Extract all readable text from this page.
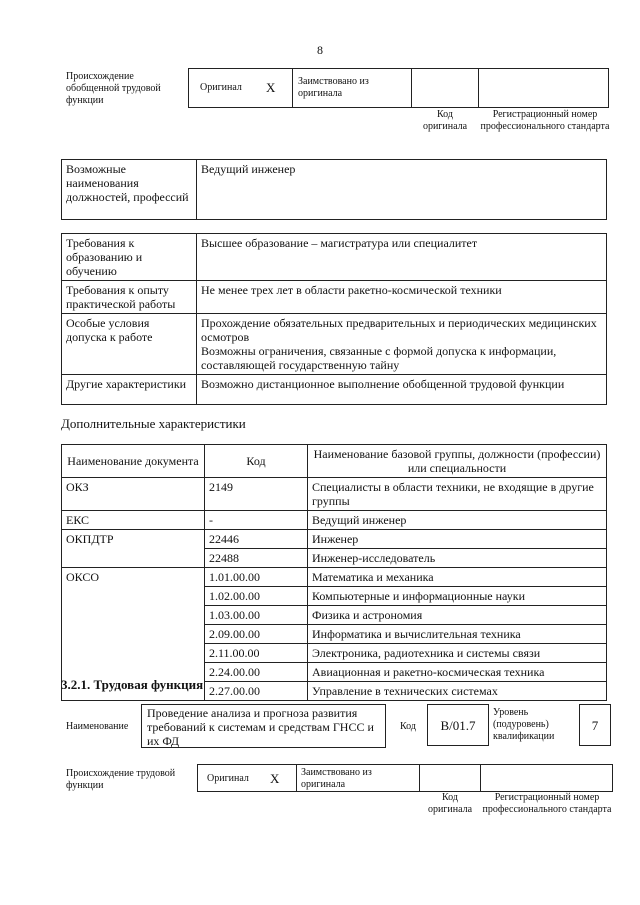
8
Происхождение обобщенной трудовой функции
Оригинал X Заимствовано из оригинала
Код оригинала
Регистрационный номер профессионального стандарта
Возможные наименования должностей, профессий	Ведущий инженер
Требования к образованию и обучению	Высшее образование – магистратура или специалитет
Требования к опыту практической работы	Не менее трех лет в области ракетно-космической техники
Особые условия допуска к работе	Прохождение обязательных предварительных и периодических медицинских осмотров
Возможны ограничения, связанные с формой допуска к информации, составляющей государственную тайну

Другие характеристики	Возможно дистанционное выполнение обобщенной трудовой функции
Дополнительные характеристики
Наименование документа	Код	Наименование базовой группы, должности (профессии) или специальности
ОКЗ	2149	Специалисты в области техники, не входящие в другие группы
ЕКС	-	Ведущий инженер
ОКПДТР	22446	Инженер
	22488	Инженер-исследователь
ОКСО	1.01.00.00	Математика и механика
	1.02.00.00	Компьютерные и информационные науки
	1.03.00.00	Физика и астрономия
	2.09.00.00	Информатика и вычислительная техника
	2.11.00.00	Электроника, радиотехника и системы связи
	2.24.00.00	Авиационная и ракетно-космическая техника
	2.27.00.00	Управление в технических системах
3.2.1. Трудовая функция
Наименование
Проведение анализа и прогноза развития требований к системам и средствам ГНСС и их ФД
Код	B/01.7
Уровень (подуровень) квалификации
7
Происхождение трудовой функции
Оригинал X Заимствовано из оригинала
Код оригинала
Регистрационный номер профессионального стандарта
